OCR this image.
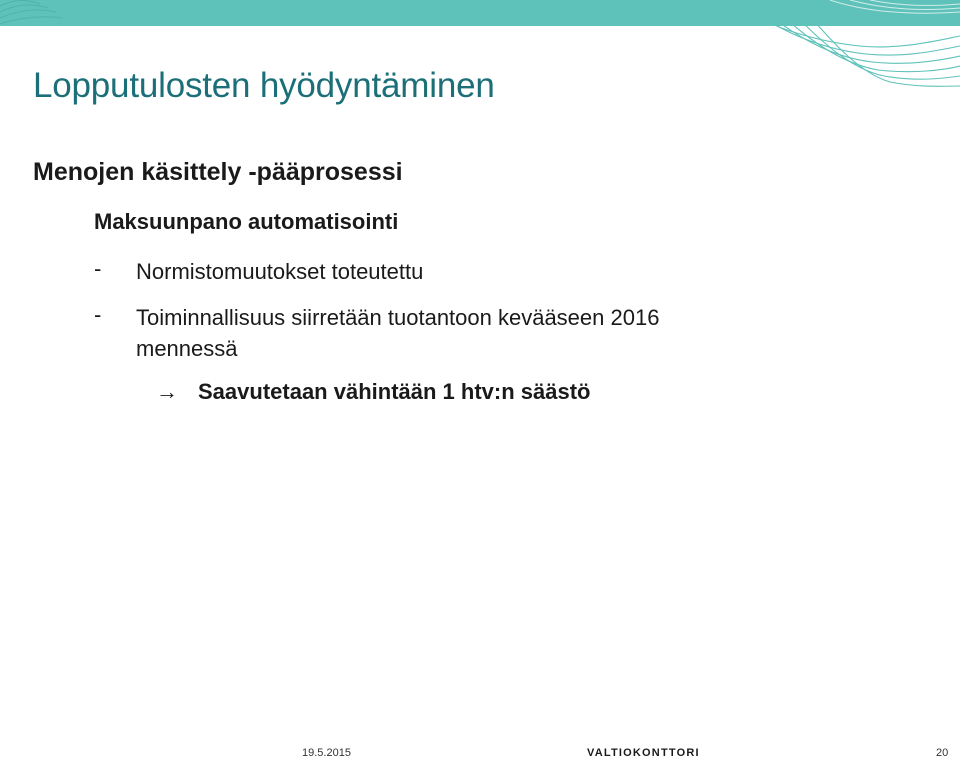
Lopputulosten hyödyntäminen
Menojen käsittely -pääprosessi
Maksuunpano automatisointi
- Normistomuutokset toteutettu
- Toiminnallisuus siirretään tuotantoon kevääseen 2016
mennessä
→ Saavutetaan vähintään 1 htv:n säästö
19.5.2015	VALTIOKONTTORI	20
